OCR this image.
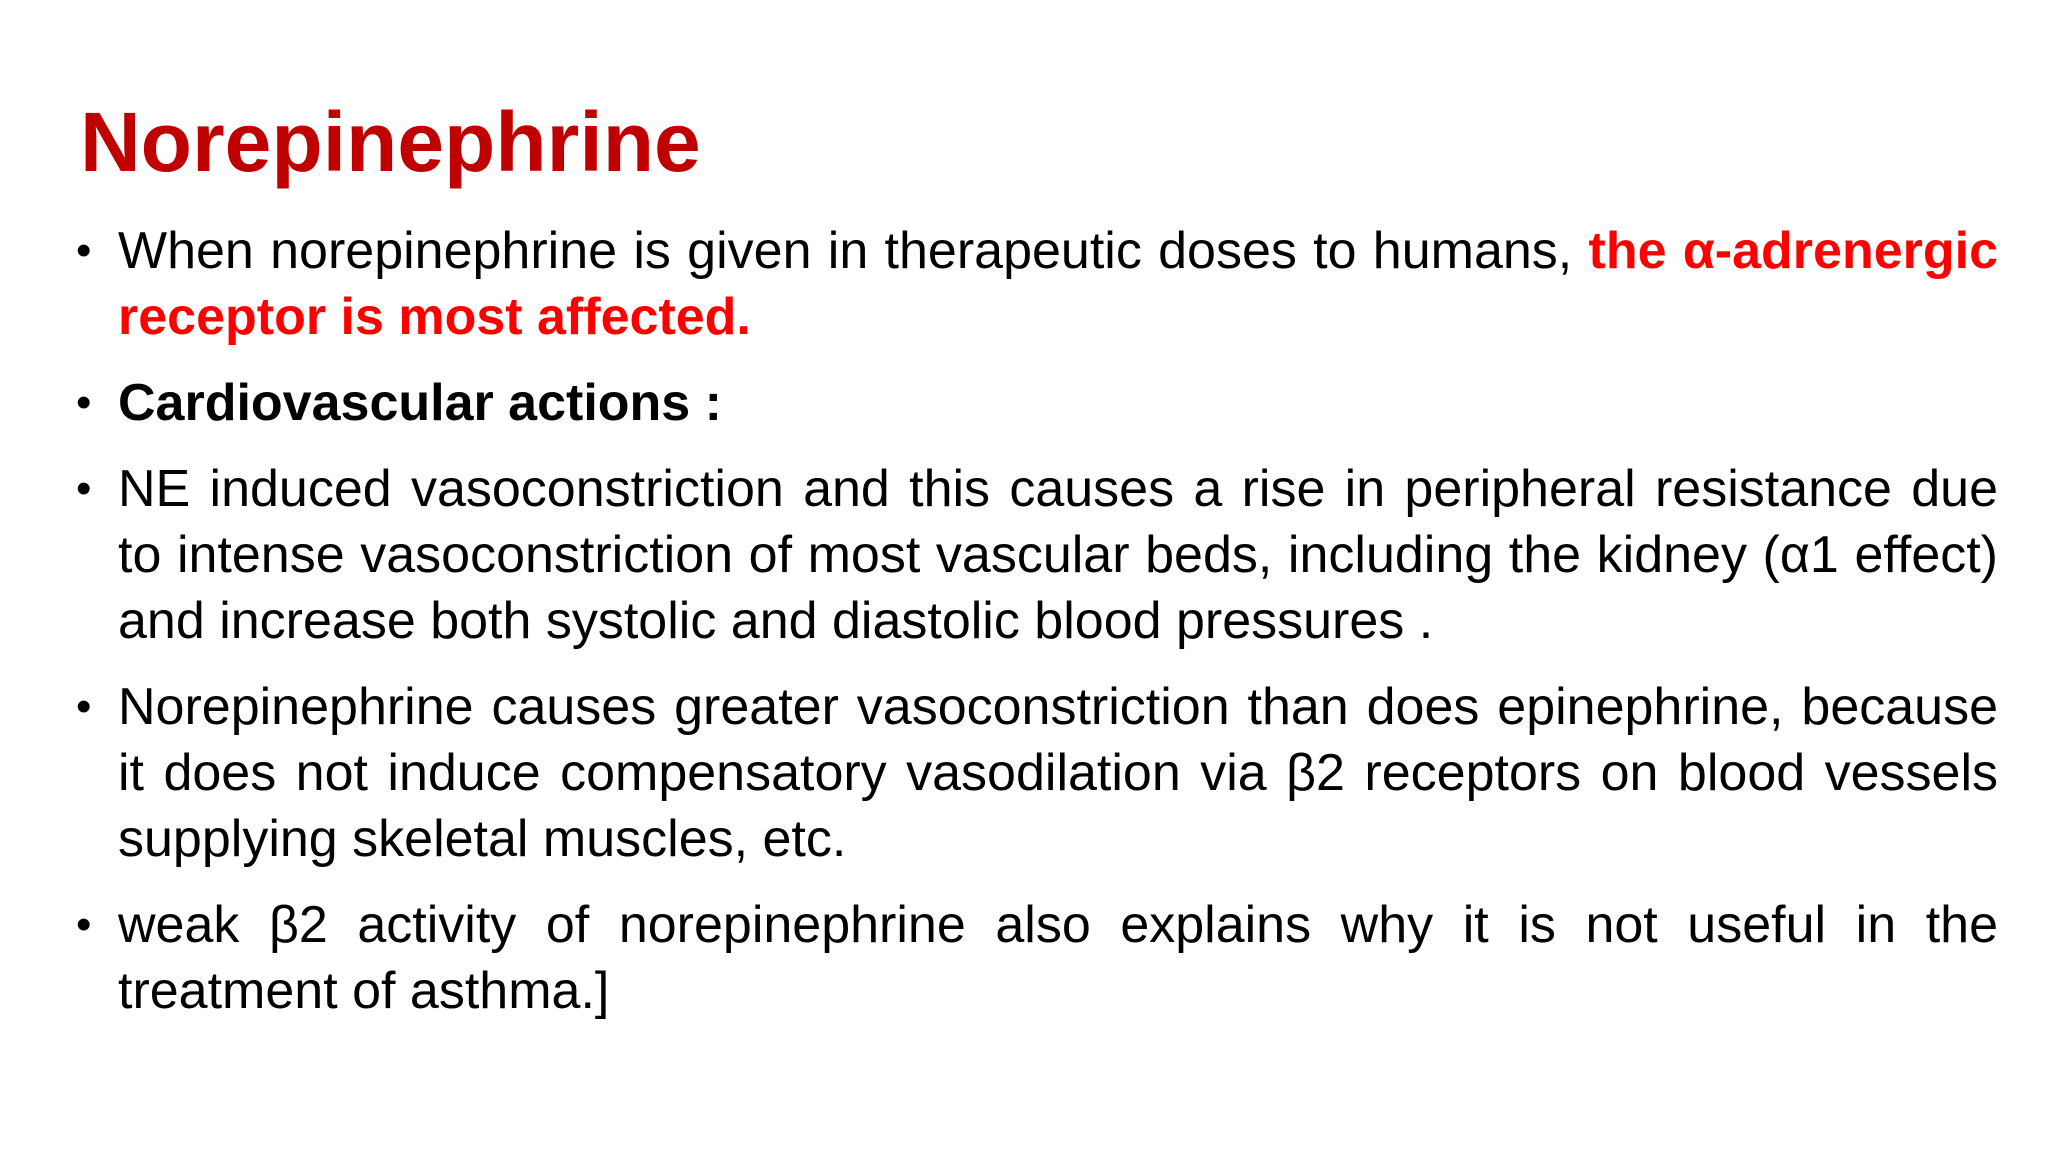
Norepinephrine
• When norepinephrine is given in therapeutic doses to humans, the α-adrenergic receptor is most affected.
• Cardiovascular actions :
• NE induced vasoconstriction and this causes a rise in peripheral resistance due to intense vasoconstriction of most vascular beds, including the kidney (α1 effect) and increase both systolic and diastolic blood pressures .
• Norepinephrine causes greater vasoconstriction than does epinephrine, because it does not induce compensatory vasodilation via β2 receptors on blood vessels supplying skeletal muscles, etc.
• weak β2 activity of norepinephrine also explains why it is not useful in the treatment of asthma.]
